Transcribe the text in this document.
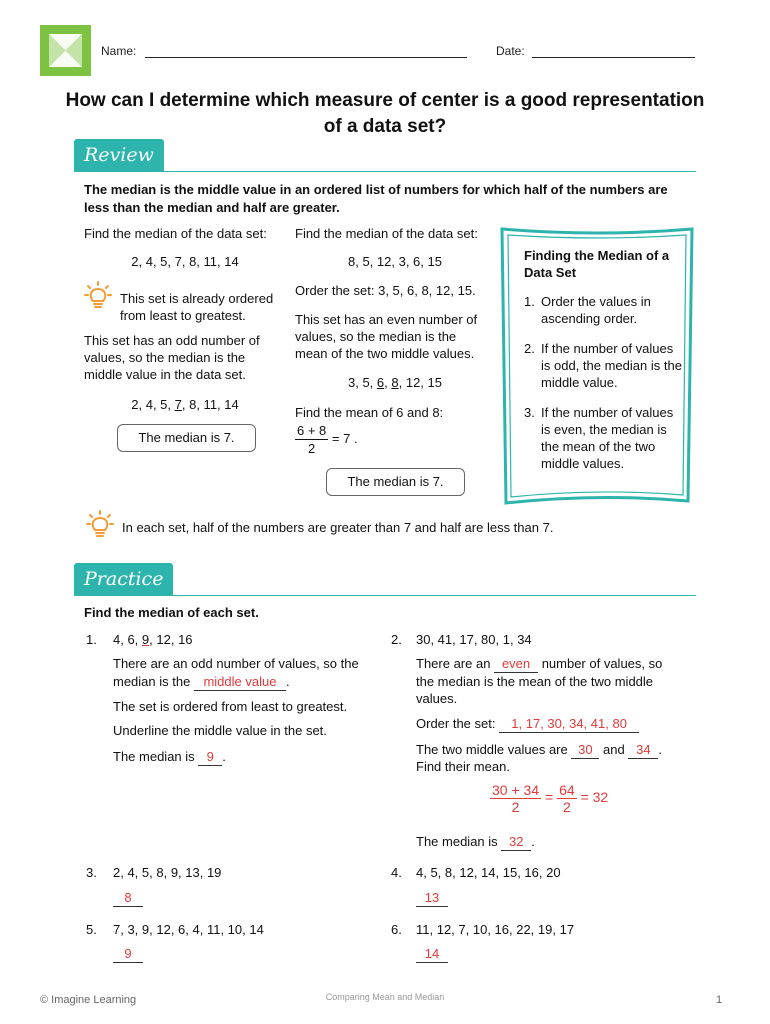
Name:	Date:
How can I determine which measure of center is a good representation of a data set?
Review
The median is the middle value in an ordered list of numbers for which half of the numbers are less than the median and half are greater.
Find the median of the data set:
2, 4, 5, 7, 8, 11, 14
This set is already ordered from least to greatest.
This set has an odd number of values, so the median is the middle value in the data set.
2, 4, 5, 7, 8, 11, 14
The median is 7.
Find the median of the data set:
8, 5, 12, 3, 6, 15
Order the set: 3, 5, 6, 8, 12, 15.
This set has an even number of values, so the median is the mean of the two middle values.
3, 5, 6, 8, 12, 15
Find the mean of 6 and 8:
$\frac{6 + 8}{2} = 7$ .
The median is 7.
Finding the Median of a Data Set
1. Order the values in ascending order.
2. If the number of values is odd, the median is the middle value.
3. If the number of values is even, the median is the mean of the two middle values.
In each set, half of the numbers are greater than 7 and half are less than 7.
Practice
Find the median of each set.
1. 4, 6, 9, 12, 16
There are an odd number of values, so the
median is the middle value .
The set is ordered from least to greatest.
Underline the middle value in the set.
The median is 9 .
2. 30, 41, 17, 80, 1, 34
There are an even number of values, so
the median is the mean of the two middle
values.
Order the set: 1, 17, 30, 34, 41, 80
The two middle values are 30 and 34 .
Find their mean.
$\frac{30 + 34}{2} = \frac{64}{2} = 32$
The median is 32 .
3. 2, 4, 5, 8, 9, 13, 19
8
4. 4, 5, 8, 12, 14, 15, 16, 20
13
5. 7, 3, 9, 12, 6, 4, 11, 10, 14
9
6. 11, 12, 7, 10, 16, 22, 19, 17
14
© Imagine Learning	Comparing Mean and Median	1
